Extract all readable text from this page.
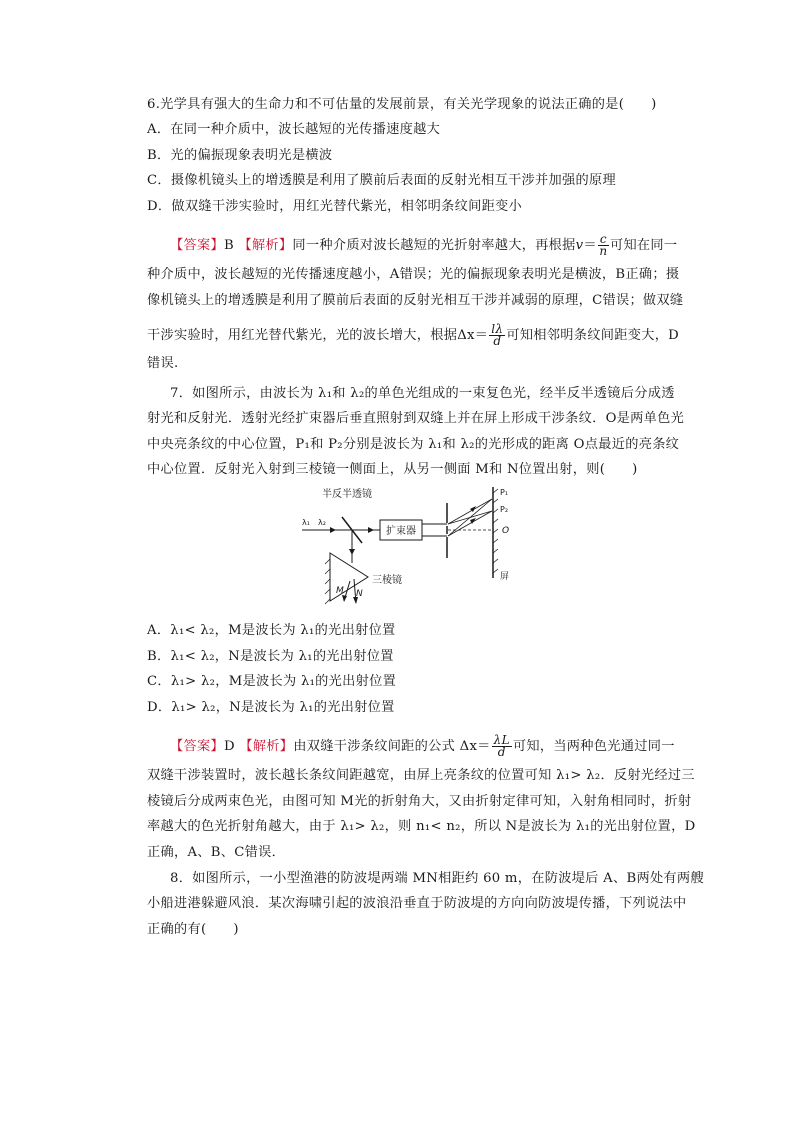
6.光学具有强大的生命力和不可估量的发展前景，有关光学现象的说法正确的是(　　)
A．在同一种介质中，波长越短的光传播速度越大
B．光的偏振现象表明光是横波
C．摄像机镜头上的增透膜是利用了膜前后表面的反射光相互干涉并加强的原理
D．做双缝干涉实验时，用红光替代紫光，相邻明条纹间距变小
【答案】B 【解析】同一种介质对波长越短的光折射率越大，再根据$v= \frac{c}{n}$ 可知在同一
种介质中，波长越短的光传播速度越小，A错误；光的偏振现象表明光是横波，B正确；摄
像机镜头上的增透膜是利用了膜前后表面的反射光相互干涉并减弱的原理，C错误；做双缝
干涉实验时，用红光替代紫光，光的波长增大，根据$\Delta x= \frac{l\lambda}{d}$ 可知相邻明条纹间距变大，D
错误.
7．如图所示，由波长为 λ₁和 λ₂的单色光组成的一束复色光，经半反半透镜后分成透
射光和反射光．透射光经扩束器后垂直照射到双缝上并在屏上形成干涉条纹．O是两单色光
中央亮条纹的中心位置，P₁和 P₂分别是波长为 λ₁和 λ₂的光形成的距离 O点最近的亮条纹
中心位置．反射光入射到三棱镜一侧面上，从另一侧面 M和 N位置出射，则(　　)
半反半透镜
λ₁ λ₂
扩束器
P₁
P₂
O
屏
三棱镜
M N
A．λ₁< λ₂，M是波长为 λ₁的光出射位置
B．λ₁< λ₂，N是波长为 λ₁的光出射位置
C．λ₁> λ₂，M是波长为 λ₁的光出射位置
D．λ₁> λ₂，N是波长为 λ₁的光出射位置
【答案】D 【解析】由双缝干涉条纹间距的公式 $\Delta x= \frac{\lambda L}{d}$ 可知，当两种色光通过同一
双缝干涉装置时，波长越长条纹间距越宽，由屏上亮条纹的位置可知 λ₁> λ₂．反射光经过三
棱镜后分成两束色光，由图可知 M光的折射角大，又由折射定律可知，入射角相同时，折射
率越大的色光折射角越大，由于 λ₁> λ₂，则 n₁< n₂，所以 N是波长为 λ₁的光出射位置，D
正确，A、B、C错误．
8．如图所示，一小型渔港的防波堤两端 MN相距约 60 m，在防波堤后 A、B两处有两艘
小船进港躲避风浪．某次海啸引起的波浪沿垂直于防波堤的方向向防波堤传播，下列说法中
正确的有(　　)
